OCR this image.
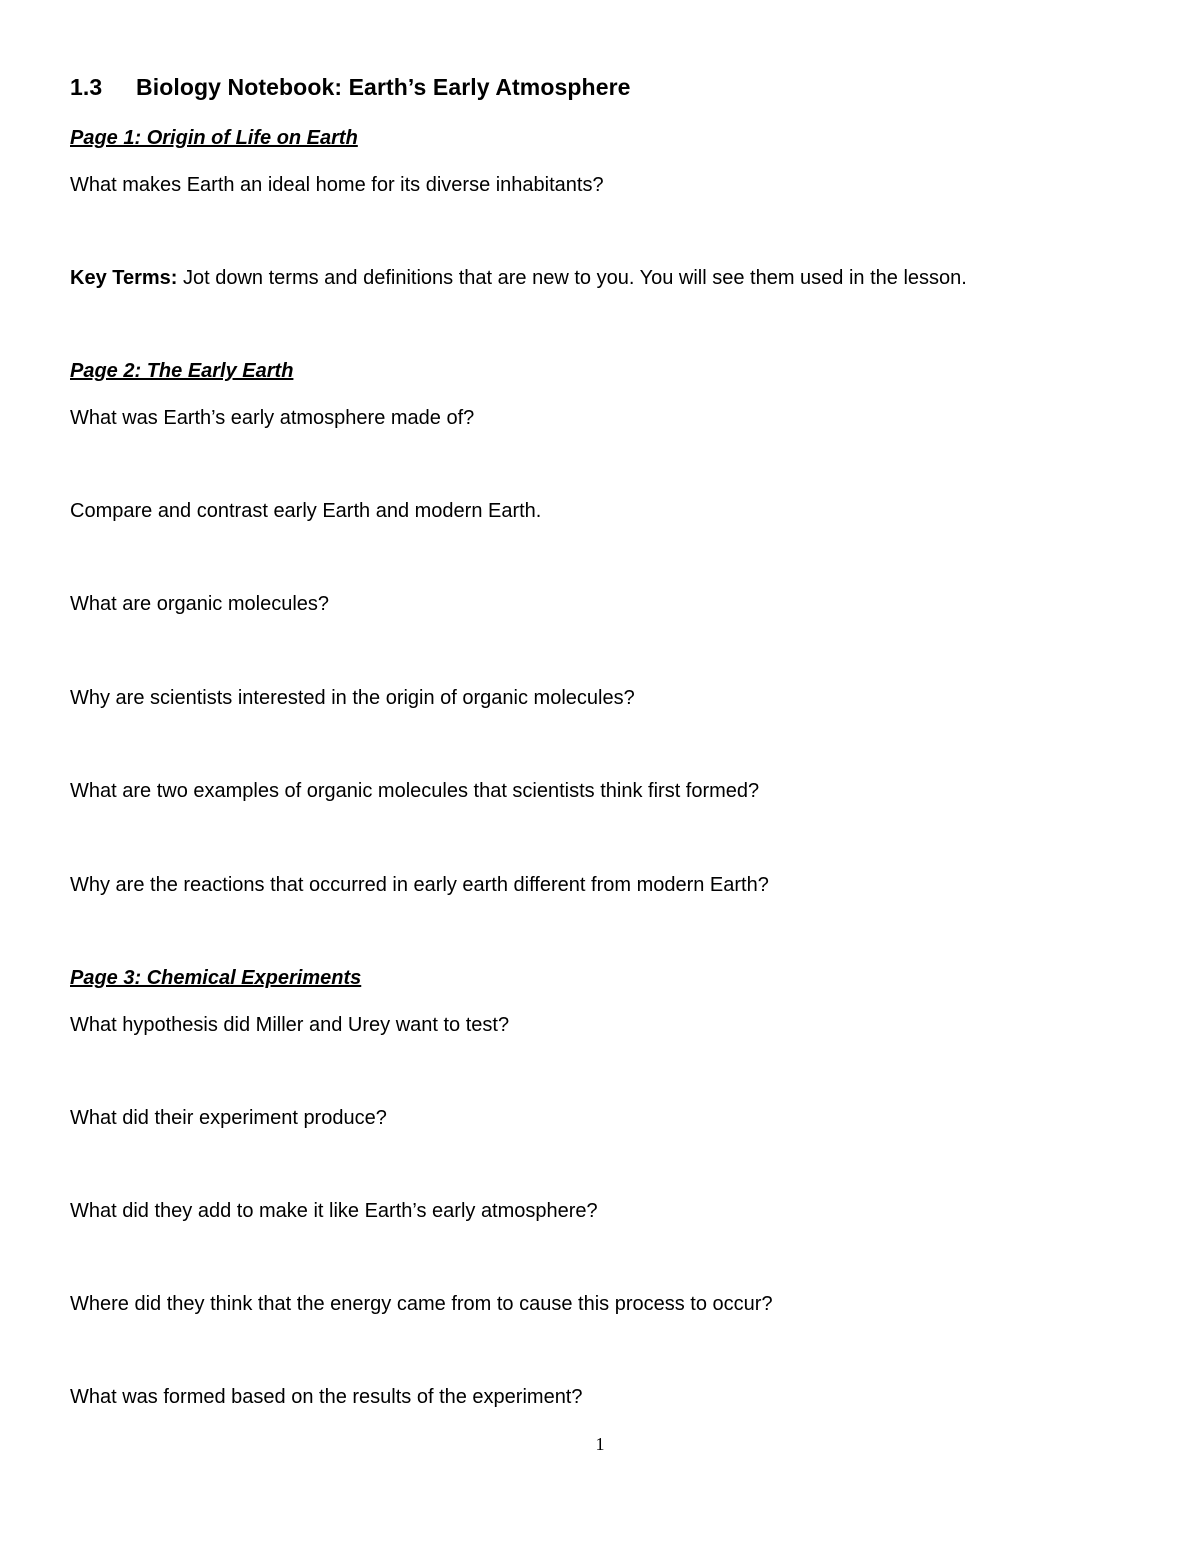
1.3 Biology Notebook: Earth’s Early Atmosphere
Page 1: Origin of Life on Earth
What makes Earth an ideal home for its diverse inhabitants?
Key Terms: Jot down terms and definitions that are new to you. You will see them used in the lesson.
Page 2: The Early Earth
What was Earth’s early atmosphere made of?
Compare and contrast early Earth and modern Earth.
What are organic molecules?
Why are scientists interested in the origin of organic molecules?
What are two examples of organic molecules that scientists think first formed?
Why are the reactions that occurred in early earth different from modern Earth?
Page 3: Chemical Experiments
What hypothesis did Miller and Urey want to test?
What did their experiment produce?
What did they add to make it like Earth’s early atmosphere?
Where did they think that the energy came from to cause this process to occur?
What was formed based on the results of the experiment?
1
